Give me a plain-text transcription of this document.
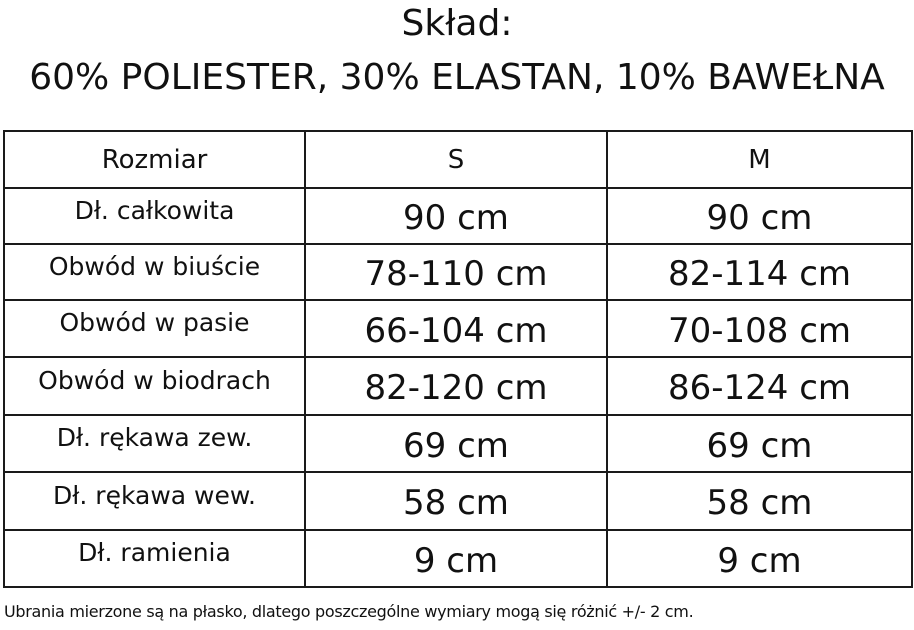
Skład:
60% POLIESTER, 30% ELASTAN, 10% BAWEŁNA
Rozmiar	S	M
Dł. całkowita	90 cm	90 cm
Obwód w biuście	78-110 cm	82-114 cm
Obwód w pasie	66-104 cm	70-108 cm
Obwód w biodrach	82-120 cm	86-124 cm
Dł. rękawa zew.	69 cm	69 cm
Dł. rękawa wew.	58 cm	58 cm
Dł. ramienia	9 cm	9 cm
Ubrania mierzone są na płasko, dlatego poszczególne wymiary mogą się różnić +/- 2 cm.
